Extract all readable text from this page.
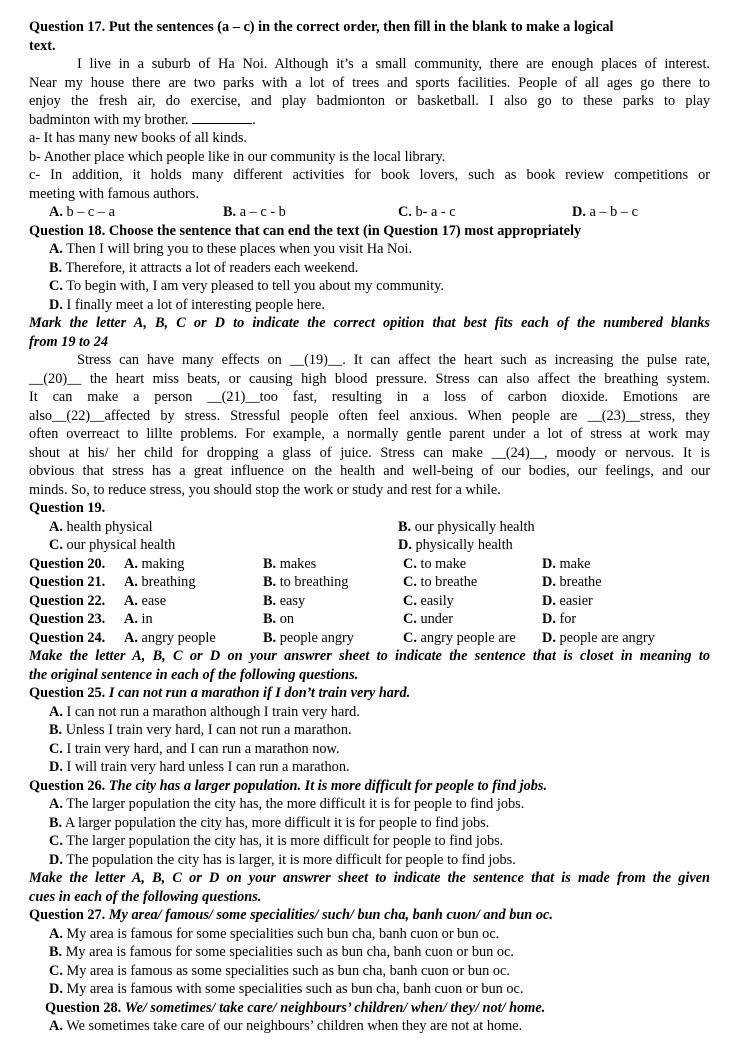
Question 17. Put the sentences (a – c) in the correct order, then fill in the blank to make a logical
text.
I live in a suburb of Ha Noi. Although it’s a small community, there are enough places of interest.
Near my house there are two parks with a lot of trees and sports facilities. People of all ages go there to
enjoy the fresh air, do exercise, and play badmionton or basketball. I also go to these parks to play
badminton with my brother.	.
a- It has many new books of all kinds.
b- Another place which people like in our community is the local library.
c- In addition, it holds many different activities for book lovers, such as book review competitions or
meeting with famous authors.
A. b – c – a	B. a – c - b	C. b- a - c	D. a – b – c
Question 18. Choose the sentence that can end the text (in Question 17) most appropriately
A. Then I will bring you to these places when you visit Ha Noi.
B. Therefore, it attracts a lot of readers each weekend.
C. To begin with, I am very pleased to tell you about my community.
D. I finally meet a lot of interesting people here.
Mark the letter A, B, C or D to indicate the correct opition that best fits each of the numbered blanks
from 19 to 24
Stress can have many effects on __(19)__. It can affect the heart such as increasing the pulse rate,
__(20)__ the heart miss beats, or causing high blood pressure. Stress can also affect the breathing system.
It can make a person __(21)__too fast, resulting in a loss of carbon dioxide. Emotions are
also__(22)__affected by stress. Stressful people often feel anxious. When people are __(23)__stress, they
often overreact to lillte problems. For example, a normally gentle parent under a lot of stress at work may
shout at his/ her child for dropping a glass of juice. Stress can make __(24)__, moody or nervous. It is
obvious that stress has a great influence on the health and well-being of our bodies, our feelings, and our
minds. So, to reduce stress, you should stop the work or study and rest for a while.
Question 19.
A. health physical	B. our physically health
C. our physical health	D. physically health
Question 20. A. making	B. makes	C. to make	D. make
Question 21. A. breathing	B. to breathing	C. to breathe	D. breathe
Question 22. A. ease	B. easy	C. easily	D. easier
Question 23. A. in	B. on	C. under	D. for
Question 24. A. angry people	B. people angry	C. angry people are D. people are angry
Make the letter A, B, C or D on your answrer sheet to indicate the sentence that is closet in meaning to
the original sentence in each of the following questions.
Question 25. I can not run a marathon if I don’t train very hard.
A. I can not run a marathon although I train very hard.
B. Unless I train very hard, I can not run a marathon.
C. I train very hard, and I can run a marathon now.
D. I will train very hard unless I can run a marathon.
Question 26. The city has a larger population. It is more difficult for people to find jobs.
A. The larger population the city has, the more difficult it is for people to find jobs.
B. A larger population the city has, more difficult it is for people to find jobs.
C. The larger population the city has, it is more difficult for people to find jobs.
D. The population the city has is larger, it is more difficult for people to find jobs.
Make the letter A, B, C or D on your answrer sheet to indicate the sentence that is made from the given
cues in each of the following questions.
Question 27. My area/ famous/ some specialities/ such/ bun cha, banh cuon/ and bun oc.
A. My area is famous for some specialities such bun cha, banh cuon or bun oc.
B. My area is famous for some specialities such as bun cha, banh cuon or bun oc.
C. My area is famous as some specialities such as bun cha, banh cuon or bun oc.
D. My area is famous with some specialities such as bun cha, banh cuon or bun oc.
Question 28. We/ sometimes/ take care/ neighbours’ children/ when/ they/ not/ home.
A. We sometimes take care of our neighbours’ children when they are not at home.
